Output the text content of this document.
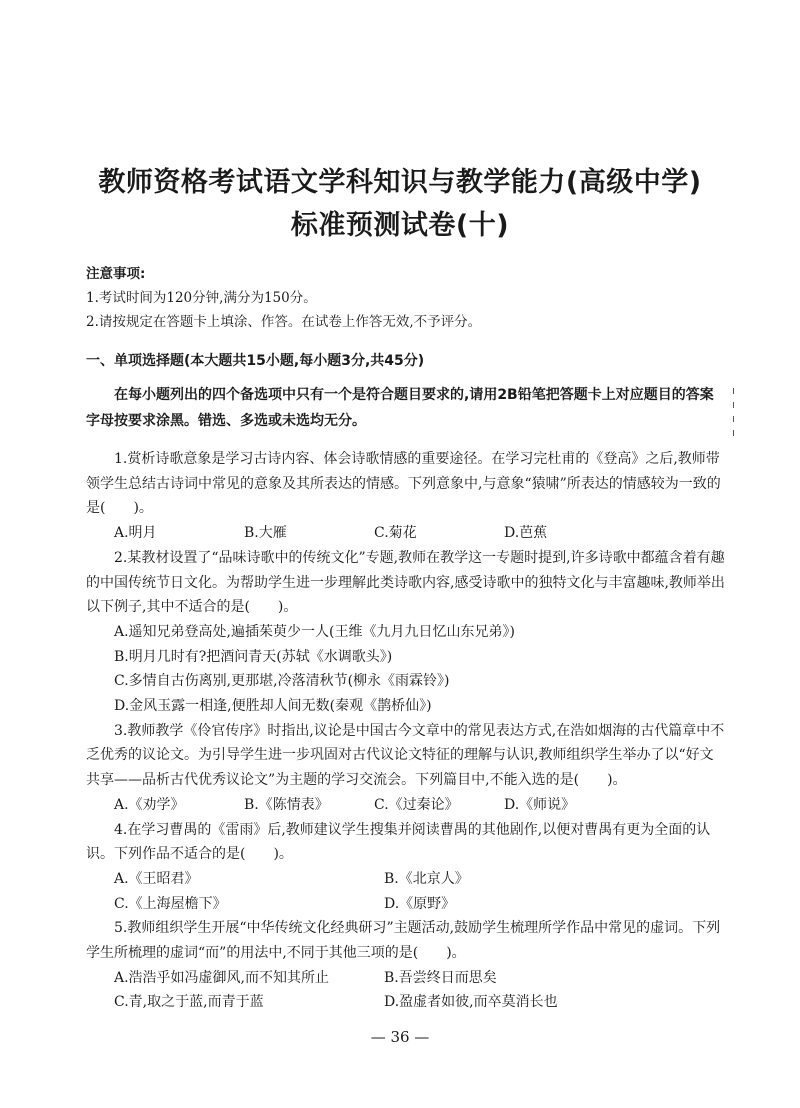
教师资格考试语文学科知识与教学能力(高级中学)
标准预测试卷(十)
注意事项:
1.考试时间为120分钟,满分为150分。
2.请按规定在答题卡上填涂、作答。在试卷上作答无效,不予评分。
一、单项选择题(本大题共15小题,每小题3分,共45分)

在每小题列出的四个备选项中只有一个是符合题目要求的,请用2B铅笔把答题卡上对应题目的答案字母按要求涂黑。错选、多选或未选均无分。

1.赏析诗歌意象是学习古诗内容、体会诗歌情感的重要途径。在学习完杜甫的《登高》之后,教师带领学生总结古诗词中常见的意象及其所表达的情感。下列意象中,与意象“猿啸”所表达的情感较为一致的是(　　)。

A.明月	B.大雁	C.菊花	D.芭蕉

2.某教材设置了“品味诗歌中的传统文化”专题,教师在教学这一专题时提到,许多诗歌中都蕴含着有趣的中国传统节日文化。为帮助学生进一步理解此类诗歌内容,感受诗歌中的独特文化与丰富趣味,教师举出以下例子,其中不适合的是(　　)。

A.遥知兄弟登高处,遍插茱萸少一人(王维《九月九日忆山东兄弟》)
B.明月几时有?把酒问青天(苏轼《水调歌头》)
C.多情自古伤离别,更那堪,冷落清秋节(柳永《雨霖铃》)
D.金风玉露一相逢,便胜却人间无数(秦观《鹊桥仙》)

3.教师教学《伶官传序》时指出,议论是中国古今文章中的常见表达方式,在浩如烟海的古代篇章中不乏优秀的议论文。为引导学生进一步巩固对古代议论文特征的理解与认识,教师组织学生举办了以“好文共享——品析古代优秀议论文”为主题的学习交流会。下列篇目中,不能入选的是(　　)。

A.《劝学》	B.《陈情表》	C.《过秦论》	D.《师说》

4.在学习曹禺的《雷雨》后,教师建议学生搜集并阅读曹禺的其他剧作,以便对曹禺有更为全面的认识。下列作品不适合的是(　　)。

A.《王昭君》	B.《北京人》
C.《上海屋檐下》	D.《原野》

5.教师组织学生开展“中华传统文化经典研习”主题活动,鼓励学生梳理所学作品中常见的虚词。下列学生所梳理的虚词“而”的用法中,不同于其他三项的是(　　)。

A.浩浩乎如冯虚御风,而不知其所止	B.吾尝终日而思矣
C.青,取之于蓝,而青于蓝	D.盈虚者如彼,而卒莫消长也
— 36 —
